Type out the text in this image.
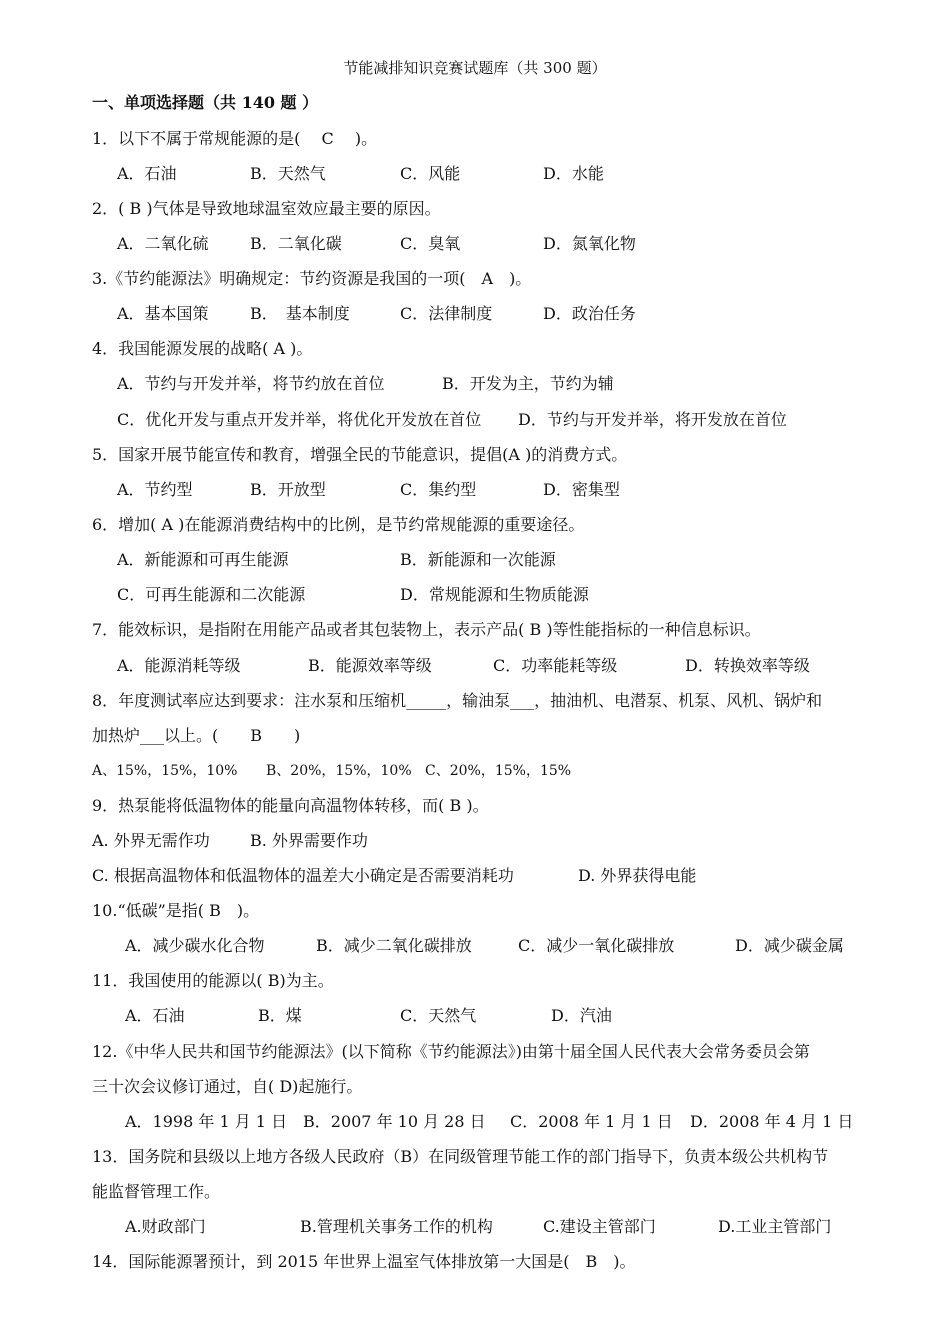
节能减排知识竞赛试题库（共 300 题）
一、单项选择题（共 140 题 ）
1．以下不属于常规能源的是(　 C　 )。
A．石油	B．天然气	C．风能	D．水能
2．( B )气体是导致地球温室效应最主要的原因。
A．二氧化硫	B．二氧化碳	C．臭氧	D．氮氧化物
3.《节约能源法》明确规定：节约资源是我国的一项(　A　)。
A．基本国策	B．　基本制度	C．法律制度	D．政治任务
4．我国能源发展的战略( A )。
A．节约与开发并举，将节约放在首位	B．开发为主，节约为辅
C．优化开发与重点开发并举，将优化开发放在首位 D．节约与开发并举，将开发放在首位
5．国家开展节能宣传和教育，增强全民的节能意识，提倡(A )的消费方式。
A．节约型	B．开放型	C．集约型	D．密集型
6．增加( A )在能源消费结构中的比例，是节约常规能源的重要途径。
A．新能源和可再生能源	B．新能源和一次能源
C．可再生能源和二次能源	D．常规能源和生物质能源
7．能效标识，是指附在用能产品或者其包装物上，表示产品( B )等性能指标的一种信息标识。
A．能源消耗等级	B．能源效率等级	C．功率能耗等级	D．转换效率等级
8．年度测试率应达到要求：注水泵和压缩机_____，输油泵___，抽油机、电潜泵、机泵、风机、锅炉和
加热炉___以上。(　　B　　)
A、15%，15%，10% B、20%，15%，10% C、20%，15%，15%
9．热泵能将低温物体的能量向高温物体转移，而( B )。
A. 外界无需作功	B. 外界需要作功
C. 根据高温物体和低温物体的温差大小确定是否需要消耗功	D. 外界获得电能
10.“低碳”是指( B　)。
A．减少碳水化合物	B．减少二氧化碳排放	C．减少一氧化碳排放	D．减少碳金属
11．我国使用的能源以( B)为主。
A．石油	B．煤	C．天然气	D．汽油
12.《中华人民共和国节约能源法》(以下简称《节约能源法》)由第十届全国人民代表大会常务委员会第
三十次会议修订通过，自( D)起施行。
A．1998 年 1 月 1 日 B．2007 年 10 月 28 日 C．2008 年 1 月 1 日 D．2008 年 4 月 1 日
13．国务院和县级以上地方各级人民政府（B）在同级管理节能工作的部门指导下，负责本级公共机构节
能监督管理工作。
A.财政部门	B.管理机关事务工作的机构	C.建设主管部门	D.工业主管部门
14．国际能源署预计，到 2015 年世界上温室气体排放第一大国是(　B　)。
